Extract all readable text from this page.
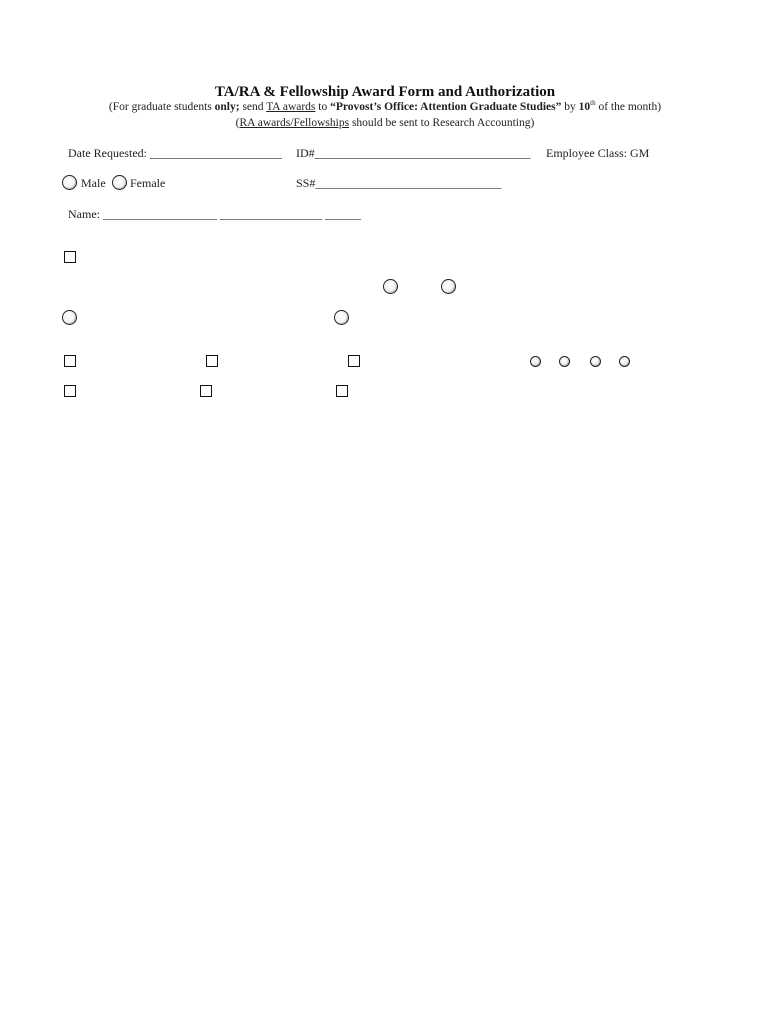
TA/RA & Fellowship Award Form and Authorization
(For graduate students only; send TA awards to “Provost’s Office: Attention Graduate Studies” by 10th of the month)
(RA awards/Fellowships should be sent to Research Accounting)
Date Requested: ______________________ ID#____________________________________ Employee Class: GM
Male Female	SS#_______________________________
Name: ___________________ _________________ ______
